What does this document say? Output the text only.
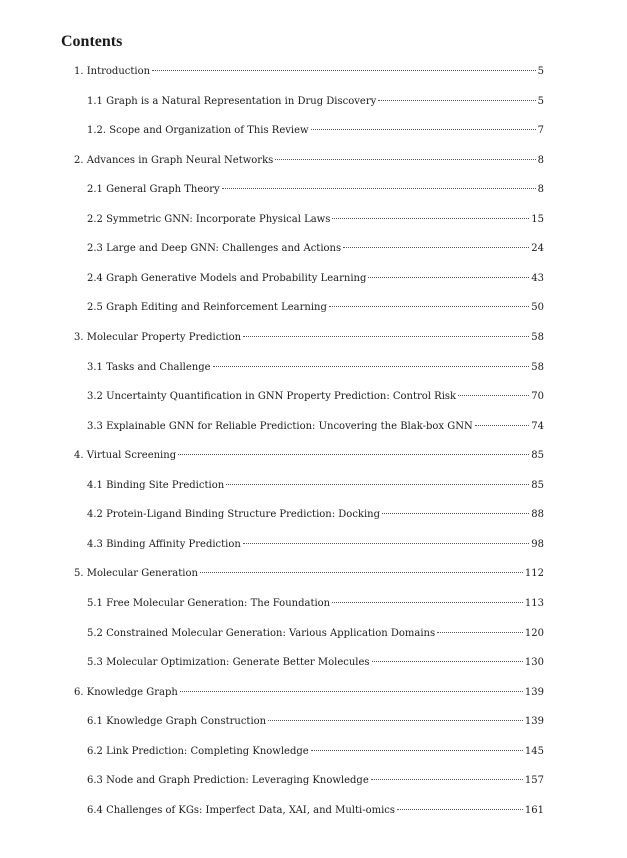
Contents
1. Introduction	5
1.1 Graph is a Natural Representation in Drug Discovery	5
1.2. Scope and Organization of This Review	7
2. Advances in Graph Neural Networks	8
2.1 General Graph Theory	8
2.2 Symmetric GNN: Incorporate Physical Laws	15
2.3 Large and Deep GNN: Challenges and Actions	24
2.4 Graph Generative Models and Probability Learning	43
2.5 Graph Editing and Reinforcement Learning	50
3. Molecular Property Prediction	58
3.1 Tasks and Challenge	58
3.2 Uncertainty Quantification in GNN Property Prediction: Control Risk	70
3.3 Explainable GNN for Reliable Prediction: Uncovering the Blak-box GNN	74
4. Virtual Screening	85
4.1 Binding Site Prediction	85
4.2 Protein-Ligand Binding Structure Prediction: Docking	88
4.3 Binding Affinity Prediction	98
5. Molecular Generation	112
5.1 Free Molecular Generation: The Foundation	113
5.2 Constrained Molecular Generation: Various Application Domains	120
5.3 Molecular Optimization: Generate Better Molecules	130
6. Knowledge Graph	139
6.1 Knowledge Graph Construction	139
6.2 Link Prediction: Completing Knowledge	145
6.3 Node and Graph Prediction: Leveraging Knowledge	157
6.4 Challenges of KGs: Imperfect Data, XAI, and Multi-omics	161
